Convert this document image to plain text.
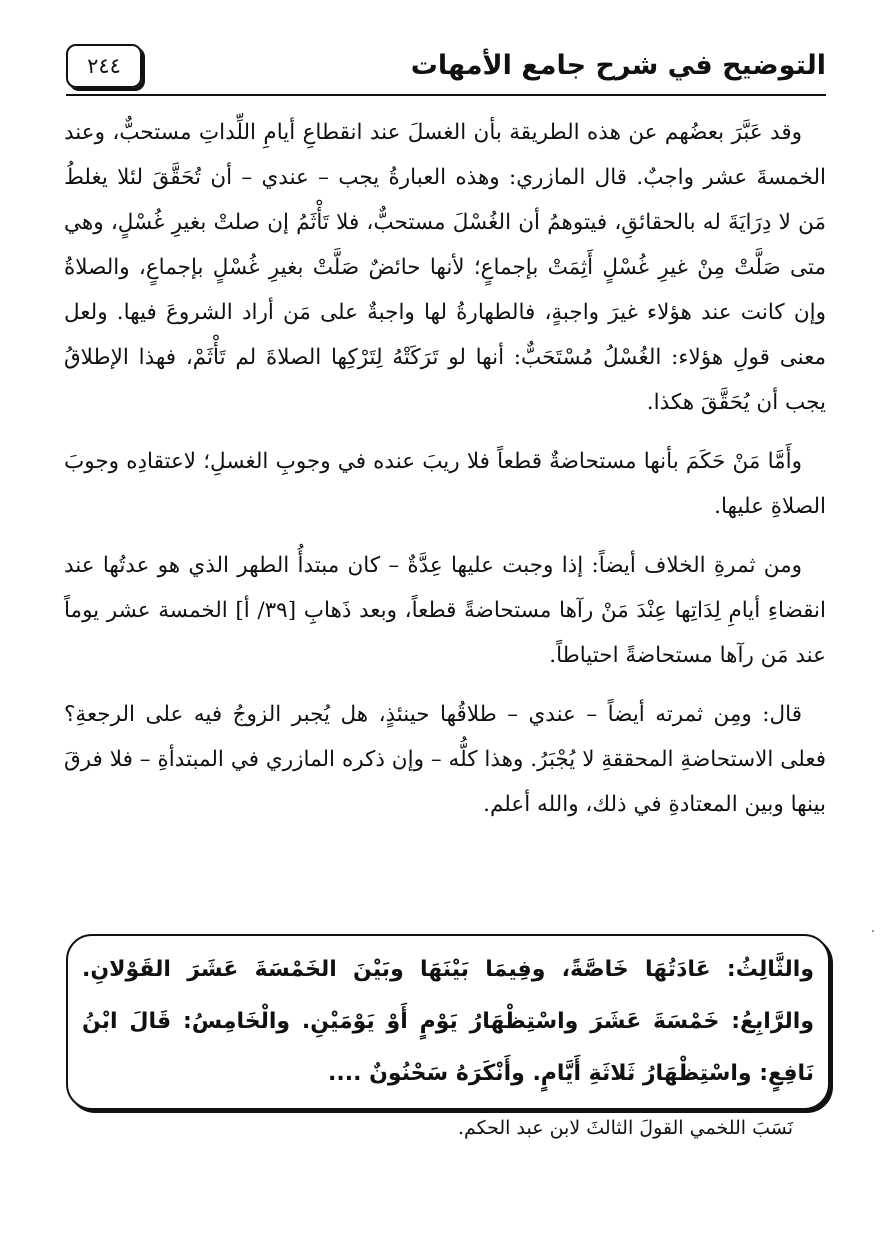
التوضيح في شرح جامع الأمهات
٢٤٤

وقد عَبَّرَ بعضُهم عن هذه الطريقة بأن الغسلَ عند انقطاعِ أيامِ اللِّداتِ مستحبٌّ، وعند الخمسةَ عشر واجبٌ. قال المازري: وهذه العبارةُ يجب – عندي – أن تُحَقَّقَ لئلا يغلطُ مَن لا دِرَايَةَ له بالحقائقِ، فيتوهمُ أن الغُسْلَ مستحبٌّ، فلا تَأْثَمُ إن صلتْ بغيرِ غُسْلٍ، وهي متى صَلَّتْ مِنْ غيرِ غُسْلٍ أَثِمَتْ بإجماعٍ؛ لأنها حائضٌ صَلَّتْ بغيرِ غُسْلٍ بإجماعٍ، والصلاةُ وإن كانت عند هؤلاء غيرَ واجبةٍ، فالطهارةُ لها واجبةٌ على مَن أراد الشروعَ فيها. ولعل معنى قولِ هؤلاء: الغُسْلُ مُسْتَحَبٌّ: أنها لو تَرَكَتْهُ لِتَرْكِها الصلاةَ لم تَأْثَمْ، فهذا الإطلاقُ يجب أن يُحَقَّقَ هكذا.

وأَمَّا مَنْ حَكَمَ بأنها مستحاضةٌ قطعاً فلا ريبَ عنده في وجوبِ الغسلِ؛ لاعتقادِه وجوبَ الصلاةِ عليها.

ومن ثمرةِ الخلاف أيضاً: إذا وجبت عليها عِدَّةٌ – كان مبتدأُ الطهر الذي هو عدتُها عند انقضاءِ أيامِ لِدَاتِها عِنْدَ مَنْ رآها مستحاضةً قطعاً، وبعد ذَهابِ [٣٩/ أ] الخمسة عشر يوماً عند مَن رآها مستحاضةً احتياطاً.

قال: ومِن ثمرته أيضاً – عندي – طلاقُها حينئذٍ، هل يُجبر الزوجُ فيه على الرجعةِ؟ فعلى الاستحاضةِ المحققةِ لا يُجْبَرُ. وهذا كلُّه – وإن ذكره المازري في المبتدأةِ – فلا فرقَ بينها وبين المعتادةِ في ذلك، والله أعلم.

والثَّالِثُ: عَادَتُهَا خَاصَّةً، وفِيمَا بَيْنَهَا وبَيْنَ الخَمْسَةَ عَشَرَ القَوْلانِ. والرَّابِعُ: خَمْسَةَ عَشَرَ واسْتِظْهَارُ يَوْمٍ أَوْ يَوْمَيْنِ. والْخَامِسُ: قَالَ ابْنُ نَافِعٍ: واسْتِظْهَارُ ثَلاثَةِ أَيَّامٍ. وأَنْكَرَهُ سَحْنُونٌ ....

نَسَبَ اللخمي القولَ الثالثَ لابن عبد الحكم.
